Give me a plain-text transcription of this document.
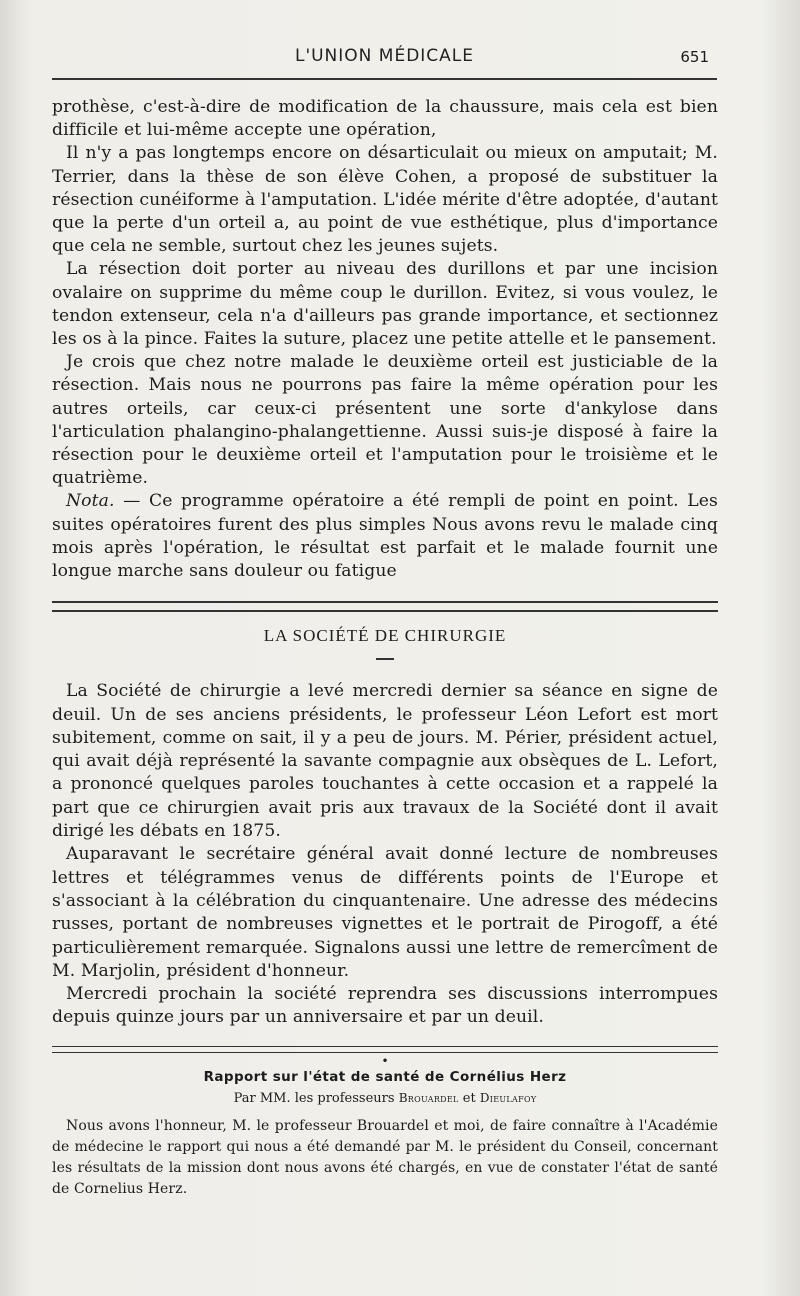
L'UNION MÉDICALE	651

prothèse, c'est-à-dire de modification de la chaussure, mais cela est bien difficile et lui-même accepte une opération,

Il n'y a pas longtemps encore on désarticulait ou mieux on amputait; M. Terrier, dans la thèse de son élève Cohen, a proposé de substituer la résection cunéiforme à l'amputation. L'idée mérite d'être adoptée, d'autant que la perte d'un orteil a, au point de vue esthétique, plus d'importance que cela ne semble, surtout chez les jeunes sujets.

La résection doit porter au niveau des durillons et par une incision ovalaire on supprime du même coup le durillon. Evitez, si vous voulez, le tendon extenseur, cela n'a d'ailleurs pas grande importance, et sectionnez les os à la pince. Faites la suture, placez une petite attelle et le pansement.

Je crois que chez notre malade le deuxième orteil est justiciable de la résection. Mais nous ne pourrons pas faire la même opération pour les autres orteils, car ceux-ci présentent une sorte d'ankylose dans l'articulation phalangino-phalangettienne. Aussi suis-je disposé à faire la résection pour le deuxième orteil et l'amputation pour le troisième et le quatrième.

Nota. — Ce programme opératoire a été rempli de point en point. Les suites opératoires furent des plus simples Nous avons revu le malade cinq mois après l'opération, le résultat est parfait et le malade fournit une longue marche sans douleur ou fatigue

LA SOCIÉTÉ DE CHIRURGIE

La Société de chirurgie a levé mercredi dernier sa séance en signe de deuil. Un de ses anciens présidents, le professeur Léon Lefort est mort subitement, comme on sait, il y a peu de jours. M. Périer, président actuel, qui avait déjà représenté la savante compagnie aux obsèques de L. Lefort, a prononcé quelques paroles touchantes à cette occasion et a rappelé la part que ce chirurgien avait pris aux travaux de la Société dont il avait dirigé les débats en 1875.

Auparavant le secrétaire général avait donné lecture de nombreuses lettres et télégrammes venus de différents points de l'Europe et s'associant à la célébration du cinquantenaire. Une adresse des médecins russes, portant de nombreuses vignettes et le portrait de Pirogoff, a été particulièrement remarquée. Signalons aussi une lettre de remercîment de M. Marjolin, président d'honneur.

Mercredi prochain la société reprendra ses discussions interrompues depuis quinze jours par un anniversaire et par un deuil.

•
Rapport sur l'état de santé de Cornélius Herz
Par MM. les professeurs Brouardel et Dieulafoy

Nous avons l'honneur, M. le professeur Brouardel et moi, de faire connaître à l'Académie de médecine le rapport qui nous a été demandé par M. le président du Conseil, concernant les résultats de la mission dont nous avons été chargés, en vue de constater l'état de santé de Cornelius Herz.
